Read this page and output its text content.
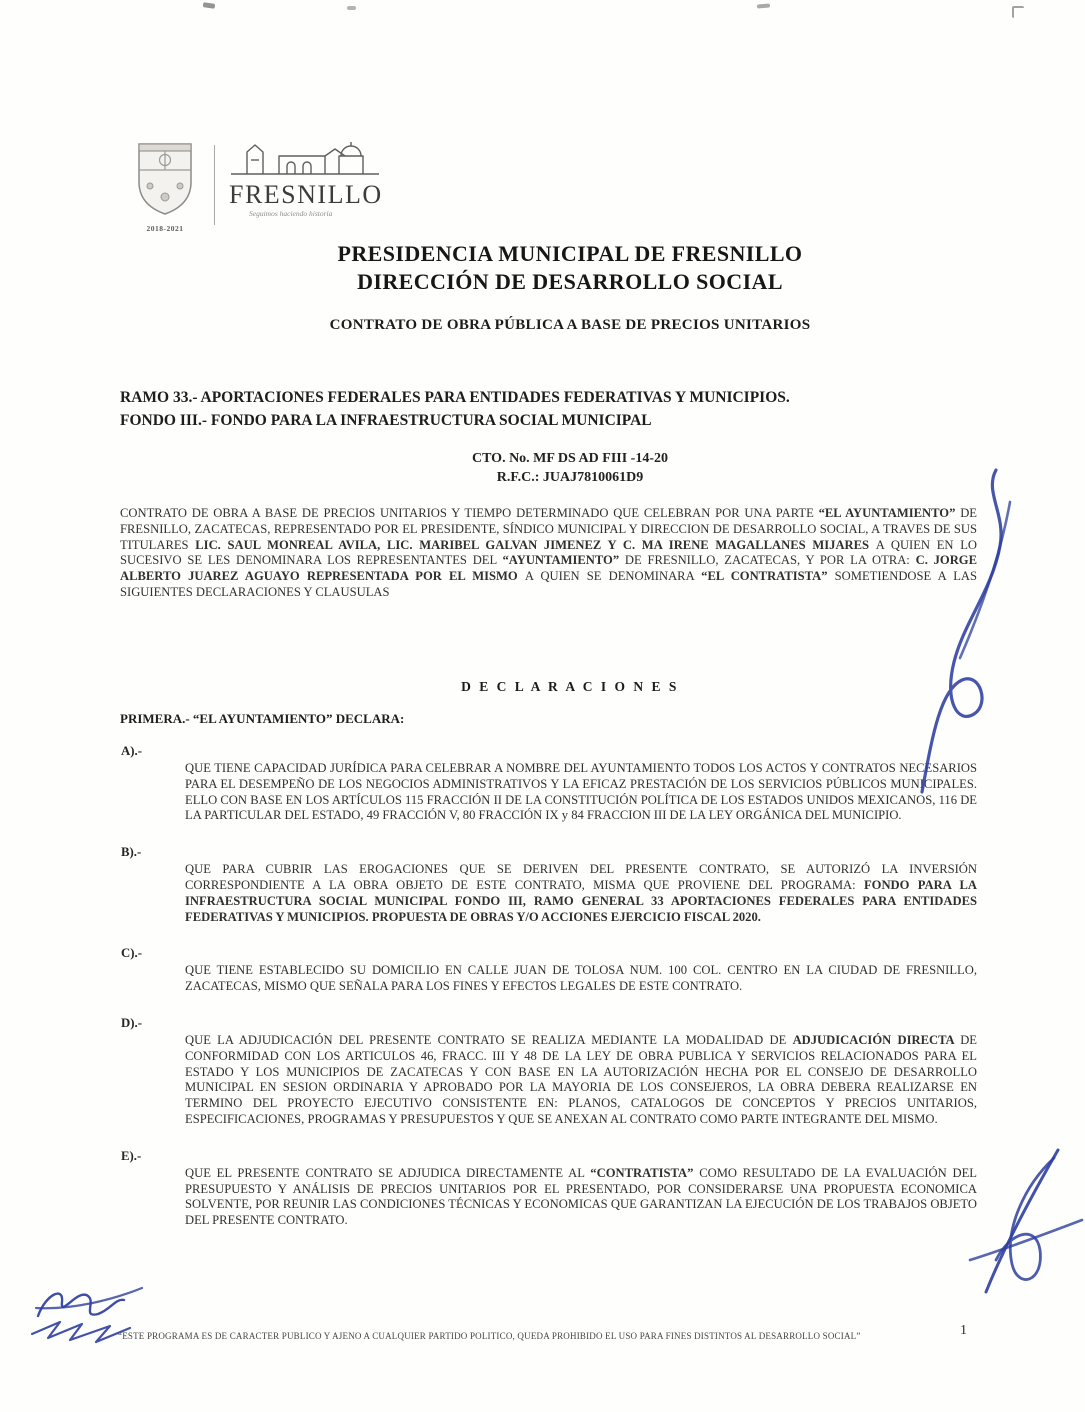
2018-2021
FRESNILLO
Seguimos haciendo historia
PRESIDENCIA MUNICIPAL DE FRESNILLO
DIRECCIÓN DE DESARROLLO SOCIAL
CONTRATO DE OBRA PÚBLICA A BASE DE PRECIOS UNITARIOS
RAMO 33.- APORTACIONES FEDERALES PARA ENTIDADES FEDERATIVAS Y MUNICIPIOS.
FONDO III.- FONDO PARA LA INFRAESTRUCTURA SOCIAL MUNICIPAL
CTO. No. MF DS AD FIII -14-20
R.F.C.: JUAJ7810061D9
CONTRATO DE OBRA A BASE DE PRECIOS UNITARIOS Y TIEMPO DETERMINADO QUE CELEBRAN POR UNA PARTE “EL AYUNTAMIENTO” DE FRESNILLO, ZACATECAS, REPRESENTADO POR EL PRESIDENTE, SÍNDICO MUNICIPAL Y DIRECCION DE DESARROLLO SOCIAL, A TRAVES DE SUS TITULARES LIC. SAUL MONREAL AVILA, LIC. MARIBEL GALVAN JIMENEZ Y C. MA IRENE MAGALLANES MIJARES A QUIEN EN LO SUCESIVO SE LES DENOMINARA LOS REPRESENTANTES DEL “AYUNTAMIENTO” DE FRESNILLO, ZACATECAS, Y POR LA OTRA: C. JORGE ALBERTO JUAREZ AGUAYO REPRESENTADA POR EL MISMO A QUIEN SE DENOMINARA “EL CONTRATISTA” SOMETIENDOSE A LAS SIGUIENTES DECLARACIONES Y CLAUSULAS
D E C L A R A C I O N E S
PRIMERA.- “EL AYUNTAMIENTO” DECLARA:
A).-
QUE TIENE CAPACIDAD JURÍDICA PARA CELEBRAR A NOMBRE DEL AYUNTAMIENTO TODOS LOS ACTOS Y CONTRATOS NECESARIOS PARA EL DESEMPEÑO DE LOS NEGOCIOS ADMINISTRATIVOS Y LA EFICAZ PRESTACIÓN DE LOS SERVICIOS PÚBLICOS MUNICIPALES. ELLO CON BASE EN LOS ARTÍCULOS 115 FRACCIÓN II DE LA CONSTITUCIÓN POLÍTICA DE LOS ESTADOS UNIDOS MEXICANOS, 116 DE LA PARTICULAR DEL ESTADO, 49 FRACCIÓN V, 80 FRACCIÓN IX y 84 FRACCION III DE LA LEY ORGÁNICA DEL MUNICIPIO.
B).-
QUE PARA CUBRIR LAS EROGACIONES QUE SE DERIVEN DEL PRESENTE CONTRATO, SE AUTORIZÓ LA INVERSIÓN CORRESPONDIENTE A LA OBRA OBJETO DE ESTE CONTRATO, MISMA QUE PROVIENE DEL PROGRAMA: FONDO PARA LA INFRAESTRUCTURA SOCIAL MUNICIPAL FONDO III, RAMO GENERAL 33 APORTACIONES FEDERALES PARA ENTIDADES FEDERATIVAS Y MUNICIPIOS. PROPUESTA DE OBRAS Y/O ACCIONES EJERCICIO FISCAL 2020.
C).-
QUE TIENE ESTABLECIDO SU DOMICILIO EN CALLE JUAN DE TOLOSA NUM. 100 COL. CENTRO EN LA CIUDAD DE FRESNILLO, ZACATECAS, MISMO QUE SEÑALA PARA LOS FINES Y EFECTOS LEGALES DE ESTE CONTRATO.
D).-
QUE LA ADJUDICACIÓN DEL PRESENTE CONTRATO SE REALIZA MEDIANTE LA MODALIDAD DE ADJUDICACIÓN DIRECTA DE CONFORMIDAD CON LOS ARTICULOS 46, FRACC. III Y 48 DE LA LEY DE OBRA PUBLICA Y SERVICIOS RELACIONADOS PARA EL ESTADO Y LOS MUNICIPIOS DE ZACATECAS Y CON BASE EN LA AUTORIZACIÓN HECHA POR EL CONSEJO DE DESARROLLO MUNICIPAL EN SESION ORDINARIA Y APROBADO POR LA MAYORIA DE LOS CONSEJEROS, LA OBRA DEBERA REALIZARSE EN TERMINO DEL PROYECTO EJECUTIVO CONSISTENTE EN: PLANOS, CATALOGOS DE CONCEPTOS Y PRECIOS UNITARIOS, ESPECIFICACIONES, PROGRAMAS Y PRESUPUESTOS Y QUE SE ANEXAN AL CONTRATO COMO PARTE INTEGRANTE DEL MISMO.
E).-
QUE EL PRESENTE CONTRATO SE ADJUDICA DIRECTAMENTE AL “CONTRATISTA” COMO RESULTADO DE LA EVALUACIÓN DEL PRESUPUESTO Y ANÁLISIS DE PRECIOS UNITARIOS POR EL PRESENTADO, POR CONSIDERARSE UNA PROPUESTA ECONOMICA SOLVENTE, POR REUNIR LAS CONDICIONES TÉCNICAS Y ECONOMICAS QUE GARANTIZAN LA EJECUCIÓN DE LOS TRABAJOS OBJETO DEL PRESENTE CONTRATO.
“ESTE PROGRAMA ES DE CARACTER PUBLICO Y AJENO A CUALQUIER PARTIDO POLITICO, QUEDA PROHIBIDO EL USO PARA FINES DISTINTOS AL DESARROLLO SOCIAL”	1
